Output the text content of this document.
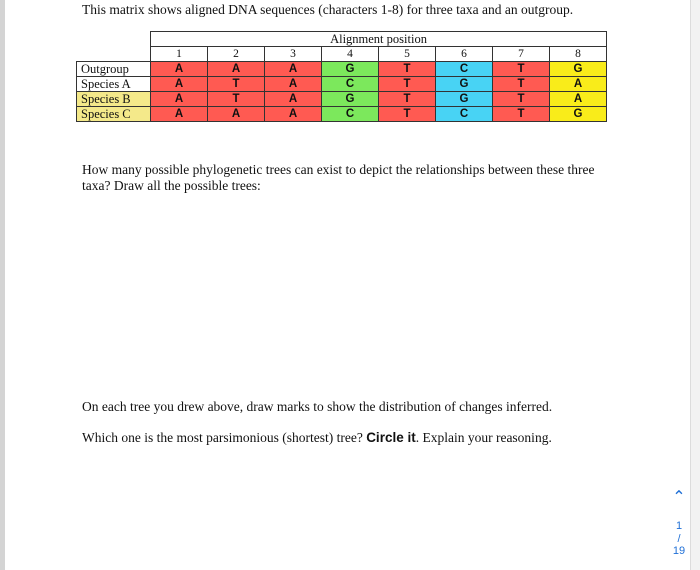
This matrix shows aligned DNA sequences (characters 1-8) for three taxa and an outgroup.
	Alignment position							
	1	2	3	4	5	6	7	8
Outgroup	A	A	A	G	T	C	T	G
Species A	A	T	A	C	T	G	T	A
Species B	A	T	A	G	T	G	T	A
Species C	A	A	A	C	T	C	T	G
How many possible phylogenetic trees can exist to depict the relationships between these three taxa? Draw all the possible trees:
On each tree you drew above, draw marks to show the distribution of changes inferred.
Which one is the most parsimonious (shortest) tree? Circle it. Explain your reasoning.
⌃
1
/
19
